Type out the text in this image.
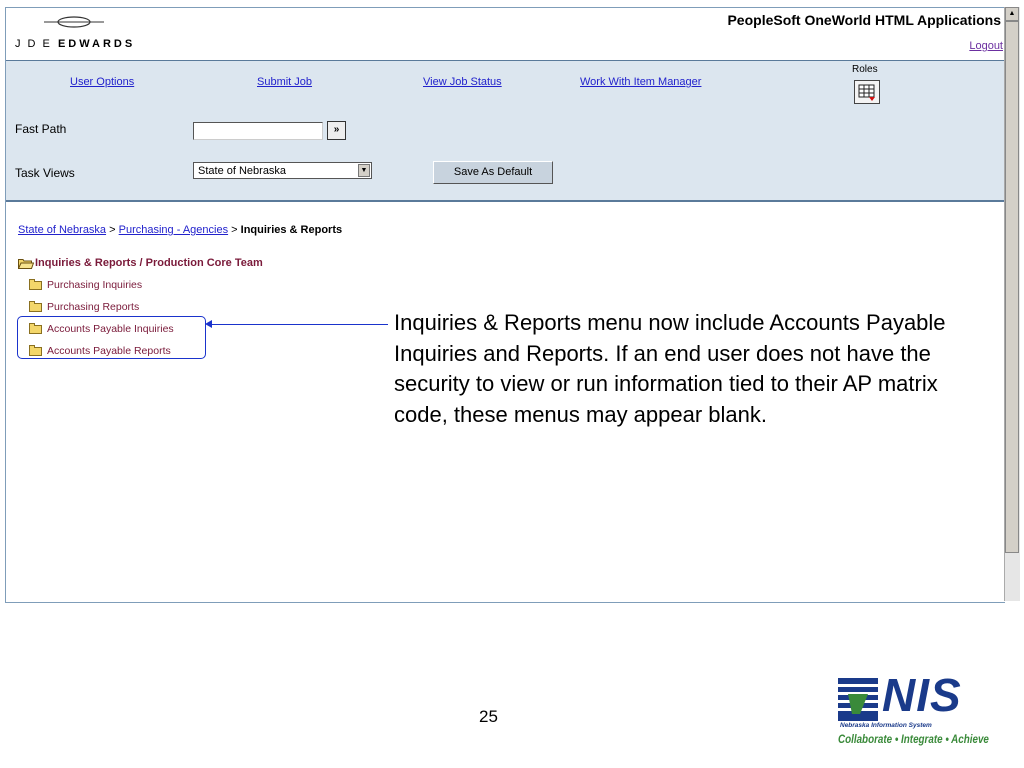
J D E EDWARDS
PeopleSoft OneWorld HTML Applications
Logout
User Options	Submit Job	View Job Status	Work With Item Manager
Roles
Fast Path	»
Task Views	State of Nebraska	▼	Save As Default
State of Nebraska > Purchasing - Agencies > Inquiries & Reports
Inquiries & Reports / Production Core Team
Purchasing Inquiries
Purchasing Reports
Accounts Payable Inquiries
Accounts Payable Reports
Inquiries & Reports menu now include Accounts Payable Inquiries and Reports. If an end user does not have the security to view or run information tied to their AP matrix code, these menus may appear blank.
▲
25	NIS
Nebraska Information System
Collaborate • Integrate • Achieve
